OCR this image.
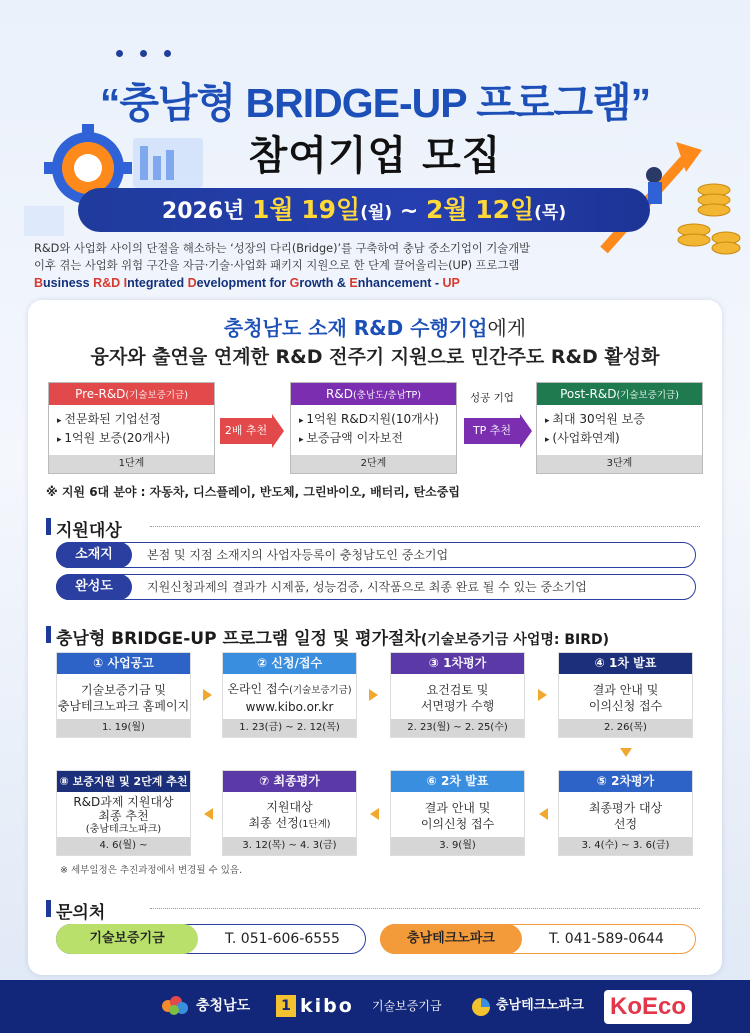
“충남형 BRIDGE-UP 프로그램”
참여기업 모집
2026년 1월 19일(월) ~ 2월 12일(목)
R&D와 사업화 사이의 단절을 해소하는 ‘성장의 다리(Bridge)’를 구축하여 충남 중소기업이 기술개발
이후 겪는 사업화 위험 구간을 자금·기술·사업화 패키지 지원으로 한 단계 끌어올리는(UP) 프로그램
Business R&D Integrated Development for Growth & Enhancement - UP
충청남도 소재 R&D 수행기업에게
융자와 출연을 연계한 R&D 전주기 지원으로 민간주도 R&D 활성화
Pre-R&D(기술보증기금)
▸ 전문화된 기업선정
▸ 1억원 보증(20개사)
1단계
2배 추천
R&D(충남도/충남TP)
▸ 1억원 R&D지원(10개사)
▸ 보증금액 이자보전
2단계
성공 기업
TP 추천
Post-R&D(기술보증기금)
▸ 최대 30억원 보증
▸ (사업화연계)
3단계
※ 지원 6대 분야 : 자동차, 디스플레이, 반도체, 그린바이오, 배터리, 탄소중립
지원대상
소재지	본점 및 지점 소재지의 사업자등록이 충청남도인 중소기업
완성도	지원신청과제의 결과가 시제품, 성능검증, 시작품으로 최종 완료 될 수 있는 중소기업
충남형 BRIDGE-UP 프로그램 일정 및 평가절차(기술보증기금 사업명: BIRD)
① 사업공고
기술보증기금 및
충남테크노파크 홈페이지
1. 19(월)
② 신청/접수
온라인 접수(기술보증기금)
www.kibo.or.kr
1. 23(금) ~ 2. 12(목)
③ 1차평가
요건검토 및
서면평가 수행
2. 23(월) ~ 2. 25(수)
④ 1차 발표
결과 안내 및
이의신청 접수
2. 26(목)
⑧ 보증지원 및 2단계 추천
R&D과제 지원대상
최종 추천
(충남테크노파크)
4. 6(월) ~
⑦ 최종평가
지원대상
최종 선정(1단계)
3. 12(목) ~ 4. 3(금)
⑥ 2차 발표
결과 안내 및
이의신청 접수
3. 9(월)
⑤ 2차평가
최종평가 대상
선정
3. 4(수) ~ 3. 6(금)
※ 세부일정은 추진과정에서 변경될 수 있음.
문의처
기술보증기금	T. 051-606-6555	충남테크노파크	T. 041-589-0644
충청남도	1 kibo 기술보증기금	충남테크노파크 KoEco
